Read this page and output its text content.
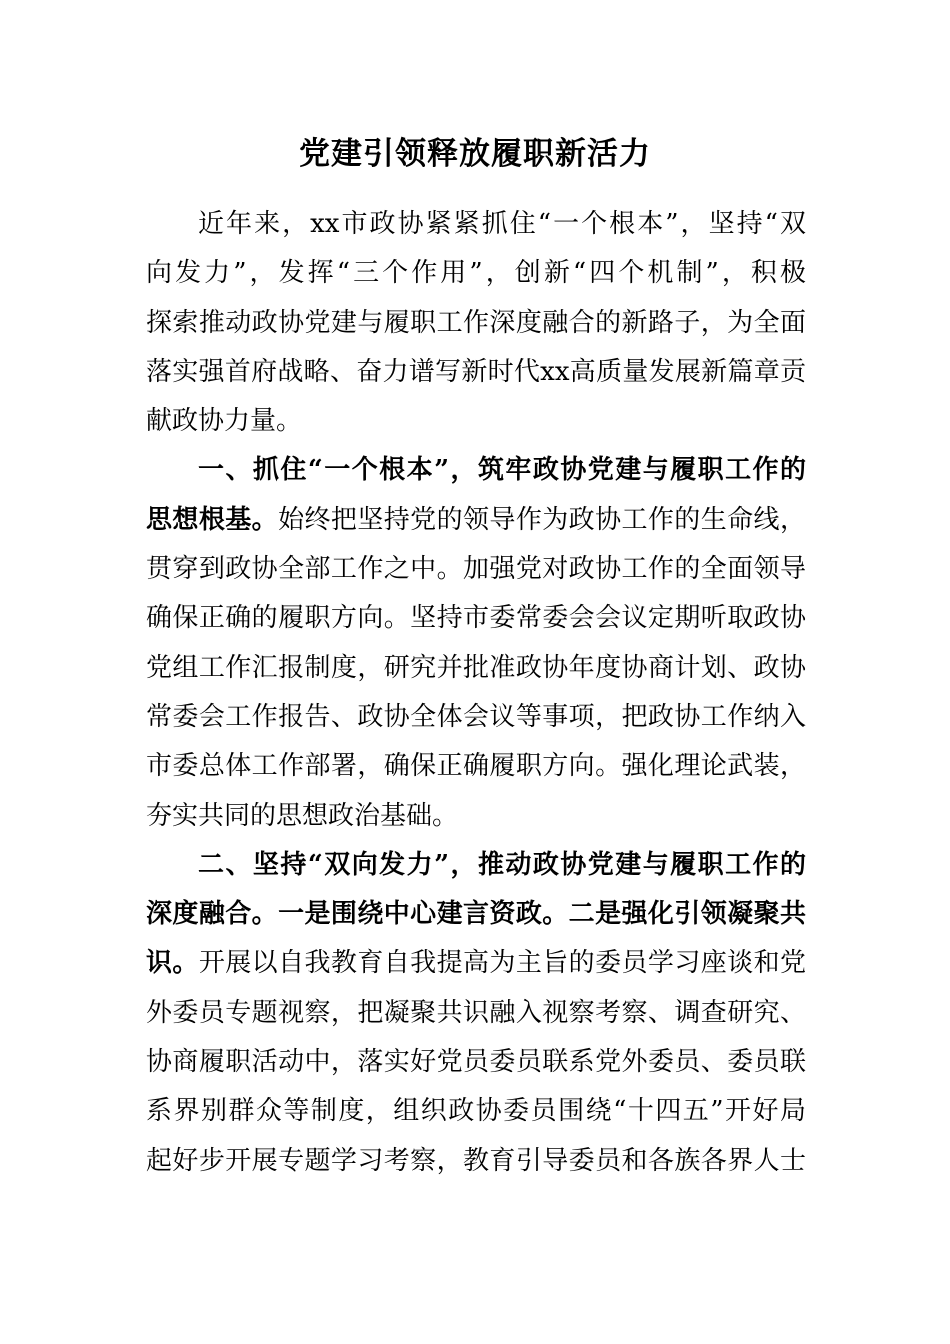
党建引领释放履职新活力
近年来，xx市政协紧紧抓住“一个根本”，坚持“双
向发力”，发挥“三个作用”，创新“四个机制”，积极
探索推动政协党建与履职工作深度融合的新路子，为全面
落实强首府战略、奋力谱写新时代xx高质量发展新篇章贡
献政协力量。
一、抓住“一个根本”，筑牢政协党建与履职工作的
思想根基。始终把坚持党的领导作为政协工作的生命线，
贯穿到政协全部工作之中。加强党对政协工作的全面领导
确保正确的履职方向。坚持市委常委会会议定期听取政协
党组工作汇报制度，研究并批准政协年度协商计划、政协
常委会工作报告、政协全体会议等事项，把政协工作纳入
市委总体工作部署，确保正确履职方向。强化理论武装，
夯实共同的思想政治基础。
二、坚持“双向发力”，推动政协党建与履职工作的
深度融合。一是围绕中心建言资政。二是强化引领凝聚共
识。开展以自我教育自我提高为主旨的委员学习座谈和党
外委员专题视察，把凝聚共识融入视察考察、调查研究、
协商履职活动中，落实好党员委员联系党外委员、委员联
系界别群众等制度，组织政协委员围绕“十四五”开好局
起好步开展专题学习考察，教育引导委员和各族各界人士
